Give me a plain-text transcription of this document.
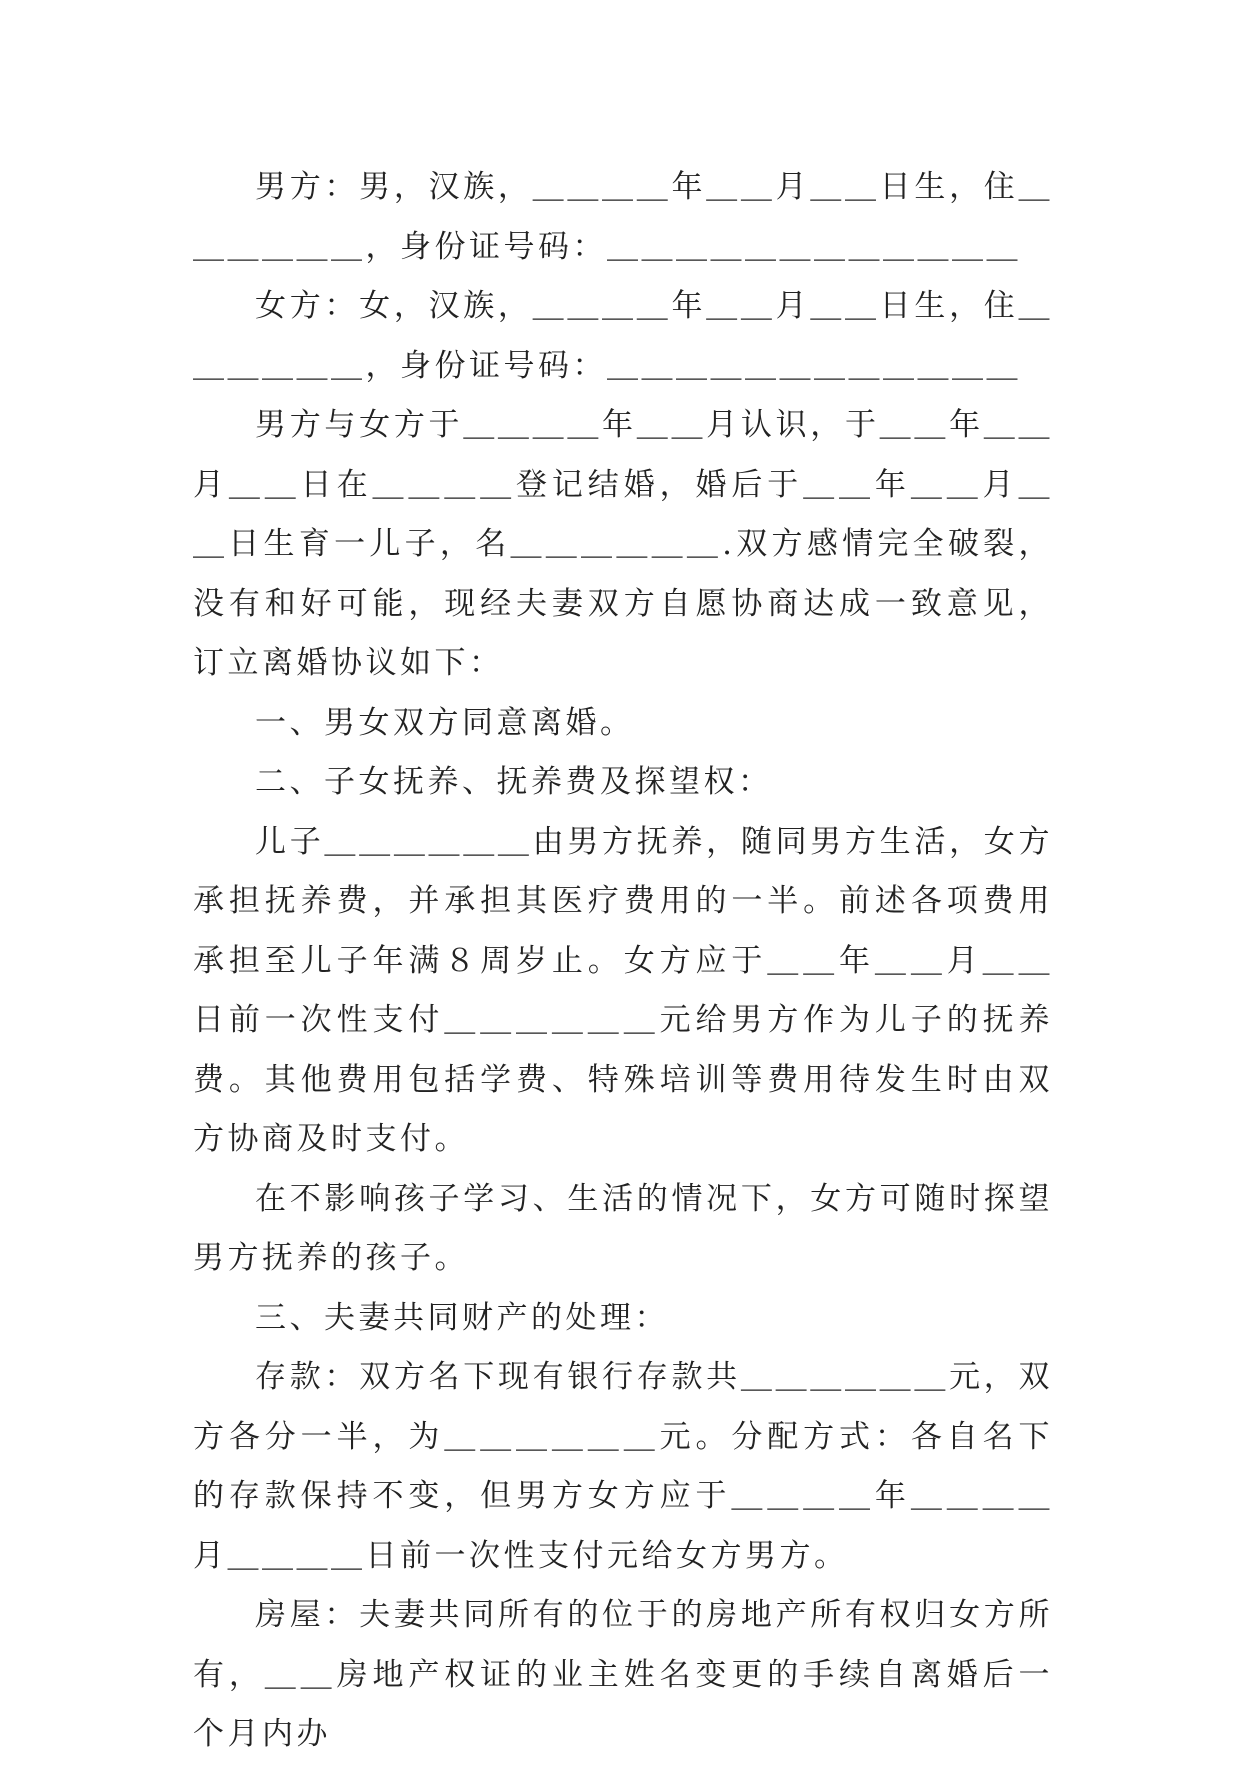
男方：男，汉族，＿＿＿＿年＿＿月＿＿日生，住＿＿＿＿＿＿，身份证号码：＿＿＿＿＿＿＿＿＿＿＿＿

女方：女，汉族，＿＿＿＿年＿＿月＿＿日生，住＿＿＿＿＿＿，身份证号码：＿＿＿＿＿＿＿＿＿＿＿＿

男方与女方于＿＿＿＿年＿＿月认识，于＿＿年＿＿月＿＿日在＿＿＿＿登记结婚，婚后于＿＿年＿＿月＿＿日生育一儿子，名＿＿＿＿＿＿.双方感情完全破裂，没有和好可能，现经夫妻双方自愿协商达成一致意见，订立离婚协议如下：

一、男女双方同意离婚。

二、子女抚养、抚养费及探望权：

儿子＿＿＿＿＿＿由男方抚养，随同男方生活，女方承担抚养费，并承担其医疗费用的一半。前述各项费用承担至儿子年满８周岁止。女方应于＿＿年＿＿月＿＿日前一次性支付＿＿＿＿＿＿元给男方作为儿子的抚养费。其他费用包括学费、特殊培训等费用待发生时由双方协商及时支付。

在不影响孩子学习、生活的情况下，女方可随时探望男方抚养的孩子。

三、夫妻共同财产的处理：

存款：双方名下现有银行存款共＿＿＿＿＿＿元，双方各分一半，为＿＿＿＿＿＿元。分配方式：各自名下的存款保持不变，但男方女方应于＿＿＿＿年＿＿＿＿月＿＿＿＿日前一次性支付元给女方男方。

房屋：夫妻共同所有的位于的房地产所有权归女方所有，＿＿房地产权证的业主姓名变更的手续自离婚后一个月内办
